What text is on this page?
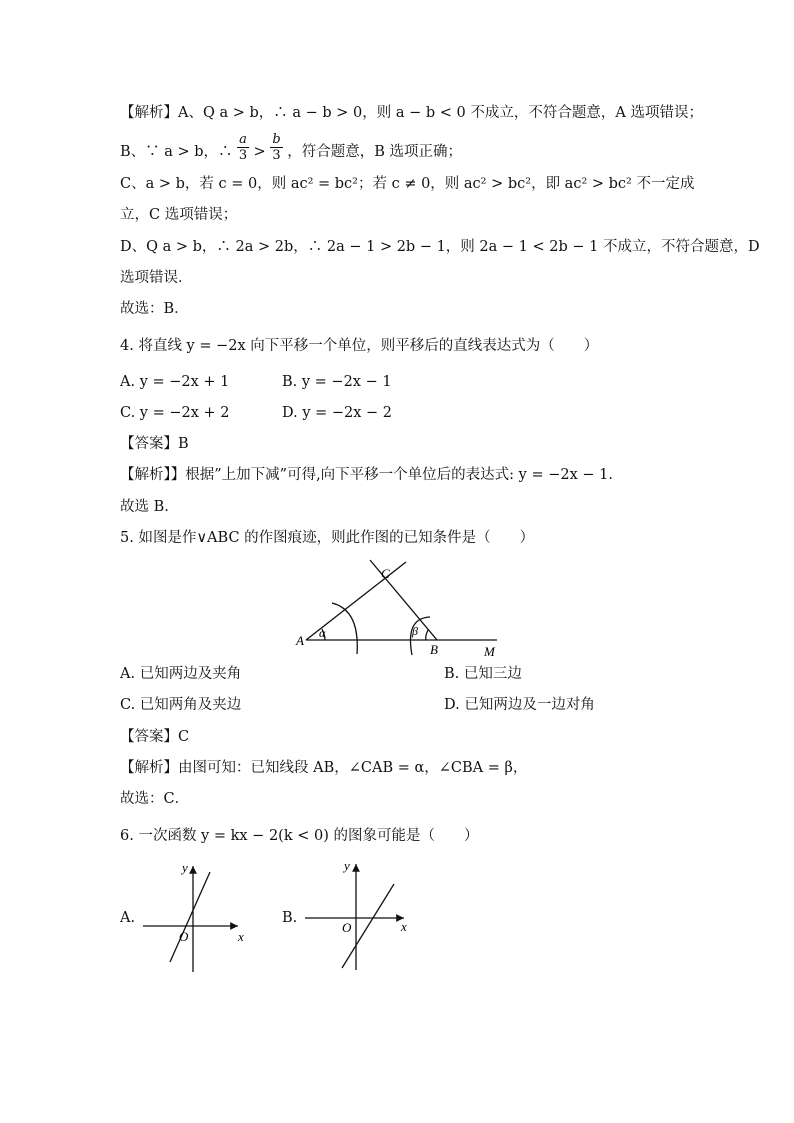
【解析】A、Q a > b，∴ a − b > 0，则 a − b < 0 不成立，不符合题意，A 选项错误；
B、∵ a > b，∴ $\frac{a}{3} > \frac{b}{3}$ ，符合题意，B 选项正确；
C、a > b，若 c = 0，则 ac² = bc²；若 c ≠ 0，则 ac² > bc²，即 ac² > bc² 不一定成
立，C 选项错误；
D、Q a > b，∴ 2a > 2b，∴ 2a − 1 > 2b − 1，则 2a − 1 < 2b − 1 不成立，不符合题意，D
选项错误．
故选：B．
4. 将直线 y = −2x 向下平移一个单位，则平移后的直线表达式为（　　）
A. y = −2x + 1	B. y = −2x − 1
C. y = −2x + 2	D. y = −2x − 2
【答案】B
【解析】】根据”上加下减”可得,向下平移一个单位后的表达式: y = −2x − 1.
故选 B.
5. 如图是作∨ABC 的作图痕迹，则此作图的已知条件是（　　）
C
A α	β
B	M
A. 已知两边及夹角	B. 已知三边
C. 已知两角及夹边	D. 已知两边及一边对角
【答案】C
【解析】由图可知：已知线段 AB，∠CAB = α，∠CBA = β，
故选：C．
6. 一次函数 y = kx − 2(k < 0) 的图象可能是（　　）
A.
y
x
O
B.
y
x
O
